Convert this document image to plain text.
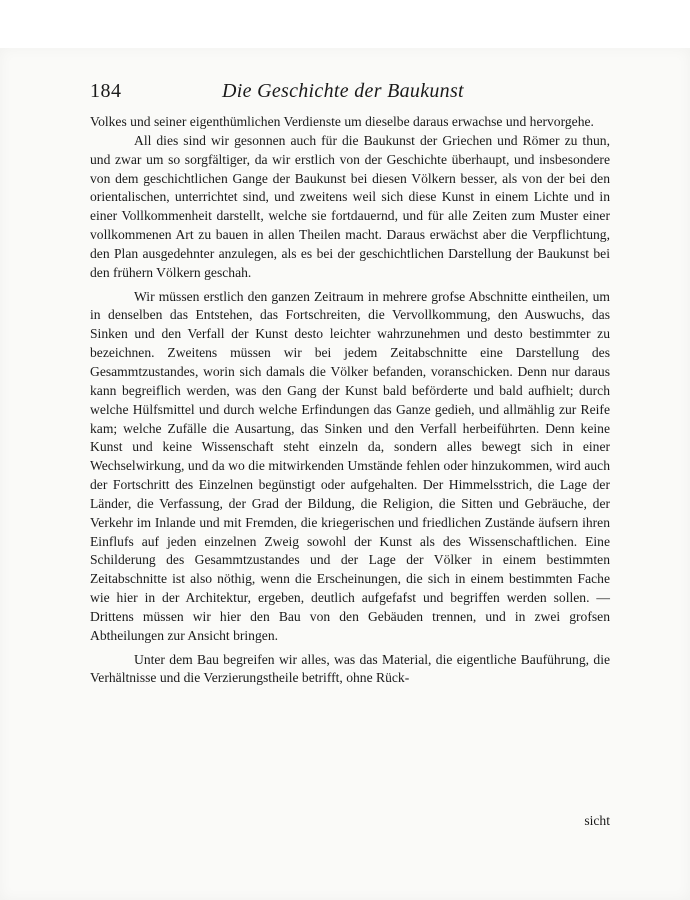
184	Die Geschichte der Baukunst

Volkes und seiner eigenthümlichen Verdienste um dieselbe daraus erwachse und hervorgehe.

All dies sind wir gesonnen auch für die Baukunst der Griechen und Römer zu thun, und zwar um so sorgfältiger, da wir erstlich von der Geschichte überhaupt, und insbesondere von dem geschichtlichen Gange der Baukunst bei diesen Völkern besser, als von der bei den orientalischen, unterrichtet sind, und zweitens weil sich diese Kunst in einem Lichte und in einer Vollkommenheit darstellt, welche sie fortdauernd, und für alle Zeiten zum Muster einer vollkommenen Art zu bauen in allen Theilen macht. Daraus erwächst aber die Verpflichtung, den Plan ausgedehnter anzulegen, als es bei der geschichtlichen Darstellung der Baukunst bei den frühern Völkern geschah.

Wir müssen erstlich den ganzen Zeitraum in mehrere grofse Abschnitte eintheilen, um in denselben das Entstehen, das Fortschreiten, die Vervollkommung, den Auswuchs, das Sinken und den Verfall der Kunst desto leichter wahrzunehmen und desto bestimmter zu bezeichnen. Zweitens müssen wir bei jedem Zeitabschnitte eine Darstellung des Gesammtzustandes, worin sich damals die Völker befanden, voranschicken. Denn nur daraus kann begreiflich werden, was den Gang der Kunst bald beförderte und bald aufhielt; durch welche Hülfsmittel und durch welche Erfindungen das Ganze gedieh, und allmählig zur Reife kam; welche Zufälle die Ausartung, das Sinken und den Verfall herbeiführten. Denn keine Kunst und keine Wissenschaft steht einzeln da, sondern alles bewegt sich in einer Wechselwirkung, und da wo die mitwirkenden Umstände fehlen oder hinzukommen, wird auch der Fortschritt des Einzelnen begünstigt oder aufgehalten. Der Himmelsstrich, die Lage der Länder, die Verfassung, der Grad der Bildung, die Religion, die Sitten und Gebräuche, der Verkehr im Inlande und mit Fremden, die kriegerischen und friedlichen Zustände äufsern ihren Einflufs auf jeden einzelnen Zweig sowohl der Kunst als des Wissenschaftlichen. Eine Schilderung des Gesammtzustandes und der Lage der Völker in einem bestimmten Zeitabschnitte ist also nöthig, wenn die Erscheinungen, die sich in einem bestimmten Fache wie hier in der Architektur, ergeben, deutlich aufgefafst und begriffen werden sollen. — Drittens müssen wir hier den Bau von den Gebäuden trennen, und in zwei grofsen Abtheilungen zur Ansicht bringen.

Unter dem Bau begreifen wir alles, was das Material, die eigentliche Bauführung, die Verhältnisse und die Verzierungstheile betrifft, ohne Rück-

sicht
